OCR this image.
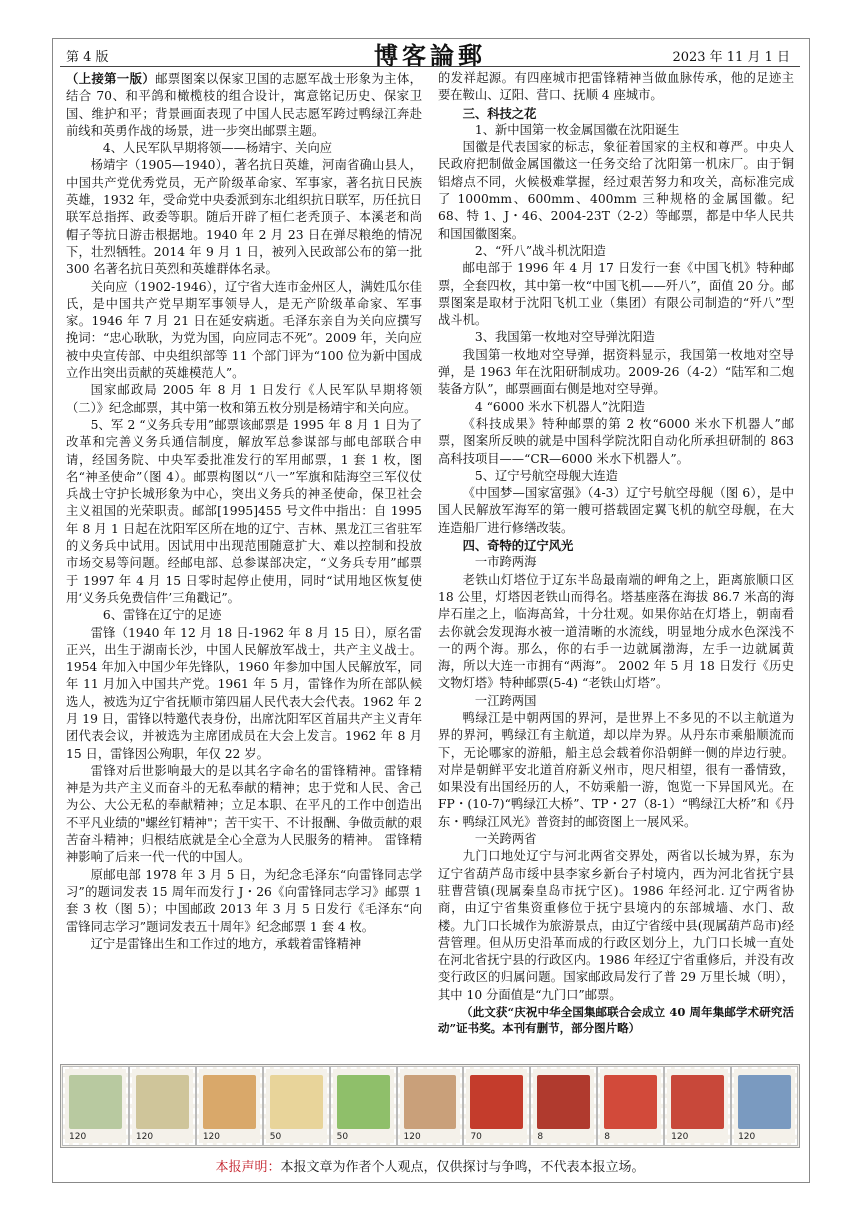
第 4 版	博客論郵	2023 年 11 月 1 日

（上接第一版）邮票图案以保家卫国的志愿军战士形象为主体，结合 70、和平鸽和橄榄枝的组合设计，寓意铭记历史、保家卫国、维护和平；背景画面表现了中国人民志愿军跨过鸭绿江奔赴前线和英勇作战的场景，进一步突出邮票主题。

4、人民军队早期将领——杨靖宇、关向应

杨靖宇（1905—1940），著名抗日英雄，河南省确山县人，中国共产党优秀党员，无产阶级革命家、军事家，著名抗日民族英雄，1932 年，受命党中央委派到东北组织抗日联军，历任抗日联军总指挥、政委等职。随后开辟了桓仁老秃顶子、本溪老和尚帽子等抗日游击根据地。1940 年 2 月 23 日在弹尽粮绝的情况下，壮烈牺牲。2014 年 9 月 1 日，被列入民政部公布的第一批 300 名著名抗日英烈和英雄群体名录。

关向应（1902-1946），辽宁省大连市金州区人，满姓瓜尔佳氏，是中国共产党早期军事领导人，是无产阶级革命家、军事家。1946 年 7 月 21 日在延安病逝。毛泽东亲自为关向应撰写挽词：“忠心耿耿，为党为国，向应同志不死”。2009 年，关向应被中央宣传部、中央组织部等 11 个部门评为“100 位为新中国成立作出突出贡献的英雄模范人”。

国家邮政局 2005 年 8 月 1 日发行《人民军队早期将领（二）》纪念邮票，其中第一枚和第五枚分别是杨靖宇和关向应。

5、军 2 “义务兵专用”邮票该邮票是 1995 年 8 月 1 日为了改革和完善义务兵通信制度，解放军总参谋部与邮电部联合申请，经国务院、中央军委批准发行的军用邮票，1 套 1 枚，图名“神圣使命”（图 4）。邮票构图以“八一”军旗和陆海空三军仪仗兵战士守护长城形象为中心，突出义务兵的神圣使命，保卫社会主义祖国的光荣职责。邮部[1995]455 号文件中指出：自 1995 年 8 月 1 日起在沈阳军区所在地的辽宁、吉林、黑龙江三省驻军的义务兵中试用。因试用中出现范围随意扩大、难以控制和投放市场交易等问题。经邮电部、总参谋部决定，“义务兵专用”邮票于 1997 年 4 月 15 日零时起停止使用，同时“试用地区恢复使用‘义务兵免费信件’三角戳记”。

6、雷锋在辽宁的足迹

雷锋（1940 年 12 月 18 日-1962 年 8 月 15 日），原名雷正兴，出生于湖南长沙，中国人民解放军战士，共产主义战士。1954 年加入中国少年先锋队，1960 年参加中国人民解放军，同年 11 月加入中国共产党。1961 年 5 月，雷锋作为所在部队候选人，被选为辽宁省抚顺市第四届人民代表大会代表。1962 年 2 月 19 日，雷锋以特邀代表身份，出席沈阳军区首届共产主义青年团代表会议，并被选为主席团成员在大会上发言。1962 年 8 月 15 日，雷锋因公殉职，年仅 22 岁。

雷锋对后世影响最大的是以其名字命名的雷锋精神。雷锋精神是为共产主义而奋斗的无私奉献的精神；忠于党和人民、舍己为公、大公无私的奉献精神；立足本职、在平凡的工作中创造出不平凡业绩的"螺丝钉精神"；苦干实干、不计报酬、争做贡献的艰苦奋斗精神；归根结底就是全心全意为人民服务的精神。 雷锋精神影响了后来一代一代的中国人。

原邮电部 1978 年 3 月 5 日，为纪念毛泽东“向雷锋同志学习”的题词发表 15 周年而发行 J・26《向雷锋同志学习》邮票 1 套 3 枚（图 5）；中国邮政 2013 年 3 月 5 日发行《毛泽东“向雷锋同志学习”题词发表五十周年》纪念邮票 1 套 4 枚。

辽宁是雷锋出生和工作过的地方，承载着雷锋精神

的发祥起源。有四座城市把雷锋精神当做血脉传承，他的足迹主要在鞍山、辽阳、营口、抚顺 4 座城市。

三、科技之花

1、新中国第一枚金属国徽在沈阳诞生

国徽是代表国家的标志，象征着国家的主权和尊严。中央人民政府把制做金属国徽这一任务交给了沈阳第一机床厂。由于铜铝熔点不同，火候极难掌握，经过艰苦努力和攻关，高标准完成了 1000mm、600mm、400mm 三种规格的金属国徽。纪 68、特 1、J・46、2004-23T（2-2）等邮票，都是中华人民共和国国徽图案。

2、“歼八”战斗机沈阳造

邮电部于 1996 年 4 月 17 日发行一套《中国飞机》特种邮票，全套四枚，其中第一枚“中国飞机——歼八”，面值 20 分。邮票图案是取材于沈阳飞机工业（集团）有限公司制造的“歼八”型战斗机。

3、我国第一枚地对空导弹沈阳造

我国第一枚地对空导弹，据资料显示，我国第一枚地对空导弹，是 1963 年在沈阳研制成功。2009-26（4-2）“陆军和二炮装备方队”，邮票画面右侧是地对空导弹。

4 “6000 米水下机器人”沈阳造

《科技成果》特种邮票的第 2 枚“6000 米水下机器人”邮票，图案所反映的就是中国科学院沈阳自动化所承担研制的 863 高科技项目——“CR—6000 米水下机器人”。

5、辽宁号航空母舰大连造

《中国梦—国家富强》（4-3）辽宁号航空母舰（图 6），是中国人民解放军海军的第一艘可搭载固定翼飞机的航空母舰，在大连造船厂进行修缮改装。

四、奇特的辽宁风光

一市跨两海

老铁山灯塔位于辽东半岛最南端的岬角之上，距离旅顺口区 18 公里，灯塔因老铁山而得名。塔基座落在海拔 86.7 米高的海岸石崖之上，临海高耸，十分壮观。如果你站在灯塔上，朝南看去你就会发现海水被一道清晰的水流线，明显地分成水色深浅不一的两个海。那么，你的右手一边就属渤海，左手一边就属黄海，所以大连一市拥有“两海”。 2002 年 5 月 18 日发行《历史文物灯塔》特种邮票(5-4) “老铁山灯塔”。

一江跨两国

鸭绿江是中朝两国的界河，是世界上不多见的不以主航道为界的界河，鸭绿江有主航道，却以岸为界。从丹东市乘船顺流而下，无论哪家的游船，船主总会载着你沿朝鲜一侧的岸边行驶。对岸是朝鲜平安北道首府新义州市，咫尺相望，很有一番情致，如果没有出国经历的人，不妨乘船一游，饱览一下异国风光。在 FP・(10-7)“鸭绿江大桥”、TP・27（8-1）“鸭绿江大桥”和《丹东・鸭绿江风光》普资封的邮资图上一展风采。

一关跨两省

九门口地处辽宁与河北两省交界处，两省以长城为界，东为辽宁省葫芦岛市绥中县李家乡新台子村境内，西为河北省抚宁县驻曹营镇(现属秦皇岛市抚宁区)。1986 年经河北. 辽宁两省协商，由辽宁省集资重修位于抚宁县境内的东部城墙、水门、敌楼。九门口长城作为旅游景点，由辽宁省绥中县(现属葫芦岛市)经营管理。但从历史沿革而成的行政区划分上，九门口长城一直处在河北省抚宁县的行政区内。1986 年经辽宁省重修后，并没有改变行政区的归属问题。国家邮政局发行了普 29 万里长城（明），其中 10 分面值是“九门口”邮票。

（此文获“庆祝中华全国集邮联合会成立 40 周年集邮学术研究活动”证书奖。本刊有删节，部分图片略）

120	120	120	50	50	120	70	8	8	120	120
本报声明：本报文章为作者个人观点，仅供探讨与争鸣，不代表本报立场。
